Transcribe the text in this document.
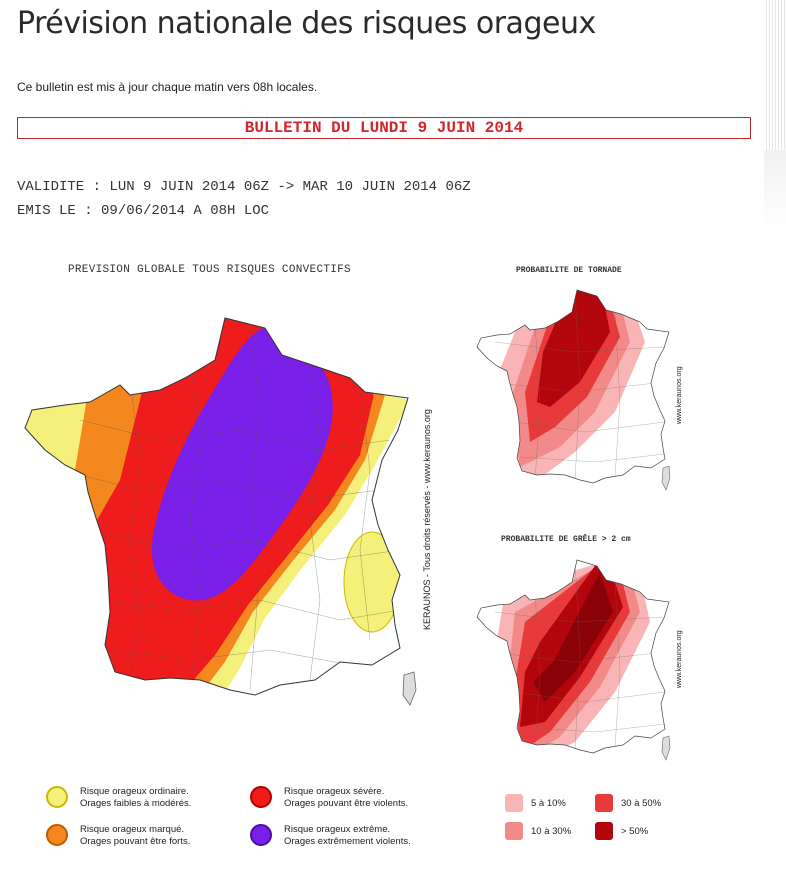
Prévision nationale des risques orageux
Ce bulletin est mis à jour chaque matin vers 08h locales.
BULLETIN DU LUNDI 9 JUIN 2014
VALIDITE : LUN 9 JUIN 2014 06Z -> MAR 10 JUIN 2014 06Z
EMIS LE : 09/06/2014 A 08H LOC
PREVISION GLOBALE TOUS RISQUES CONVECTIFS
KERAUNOS - Tous droits réservés - www.keraunos.org
PROBABILITE DE TORNADE
www.keraunos.org
PROBABILITE DE GRÊLE > 2 cm
www.keraunos.org
Risque orageux ordinaire.
Orages faibles à modérés.
Risque orageux sévère.
Orages pouvant être violents.
Risque orageux marqué.
Orages pouvant être forts.
Risque orageux extrême.
Orages extrêmement violents.
5 à 10%	30 à 50%
10 à 30%	> 50%
